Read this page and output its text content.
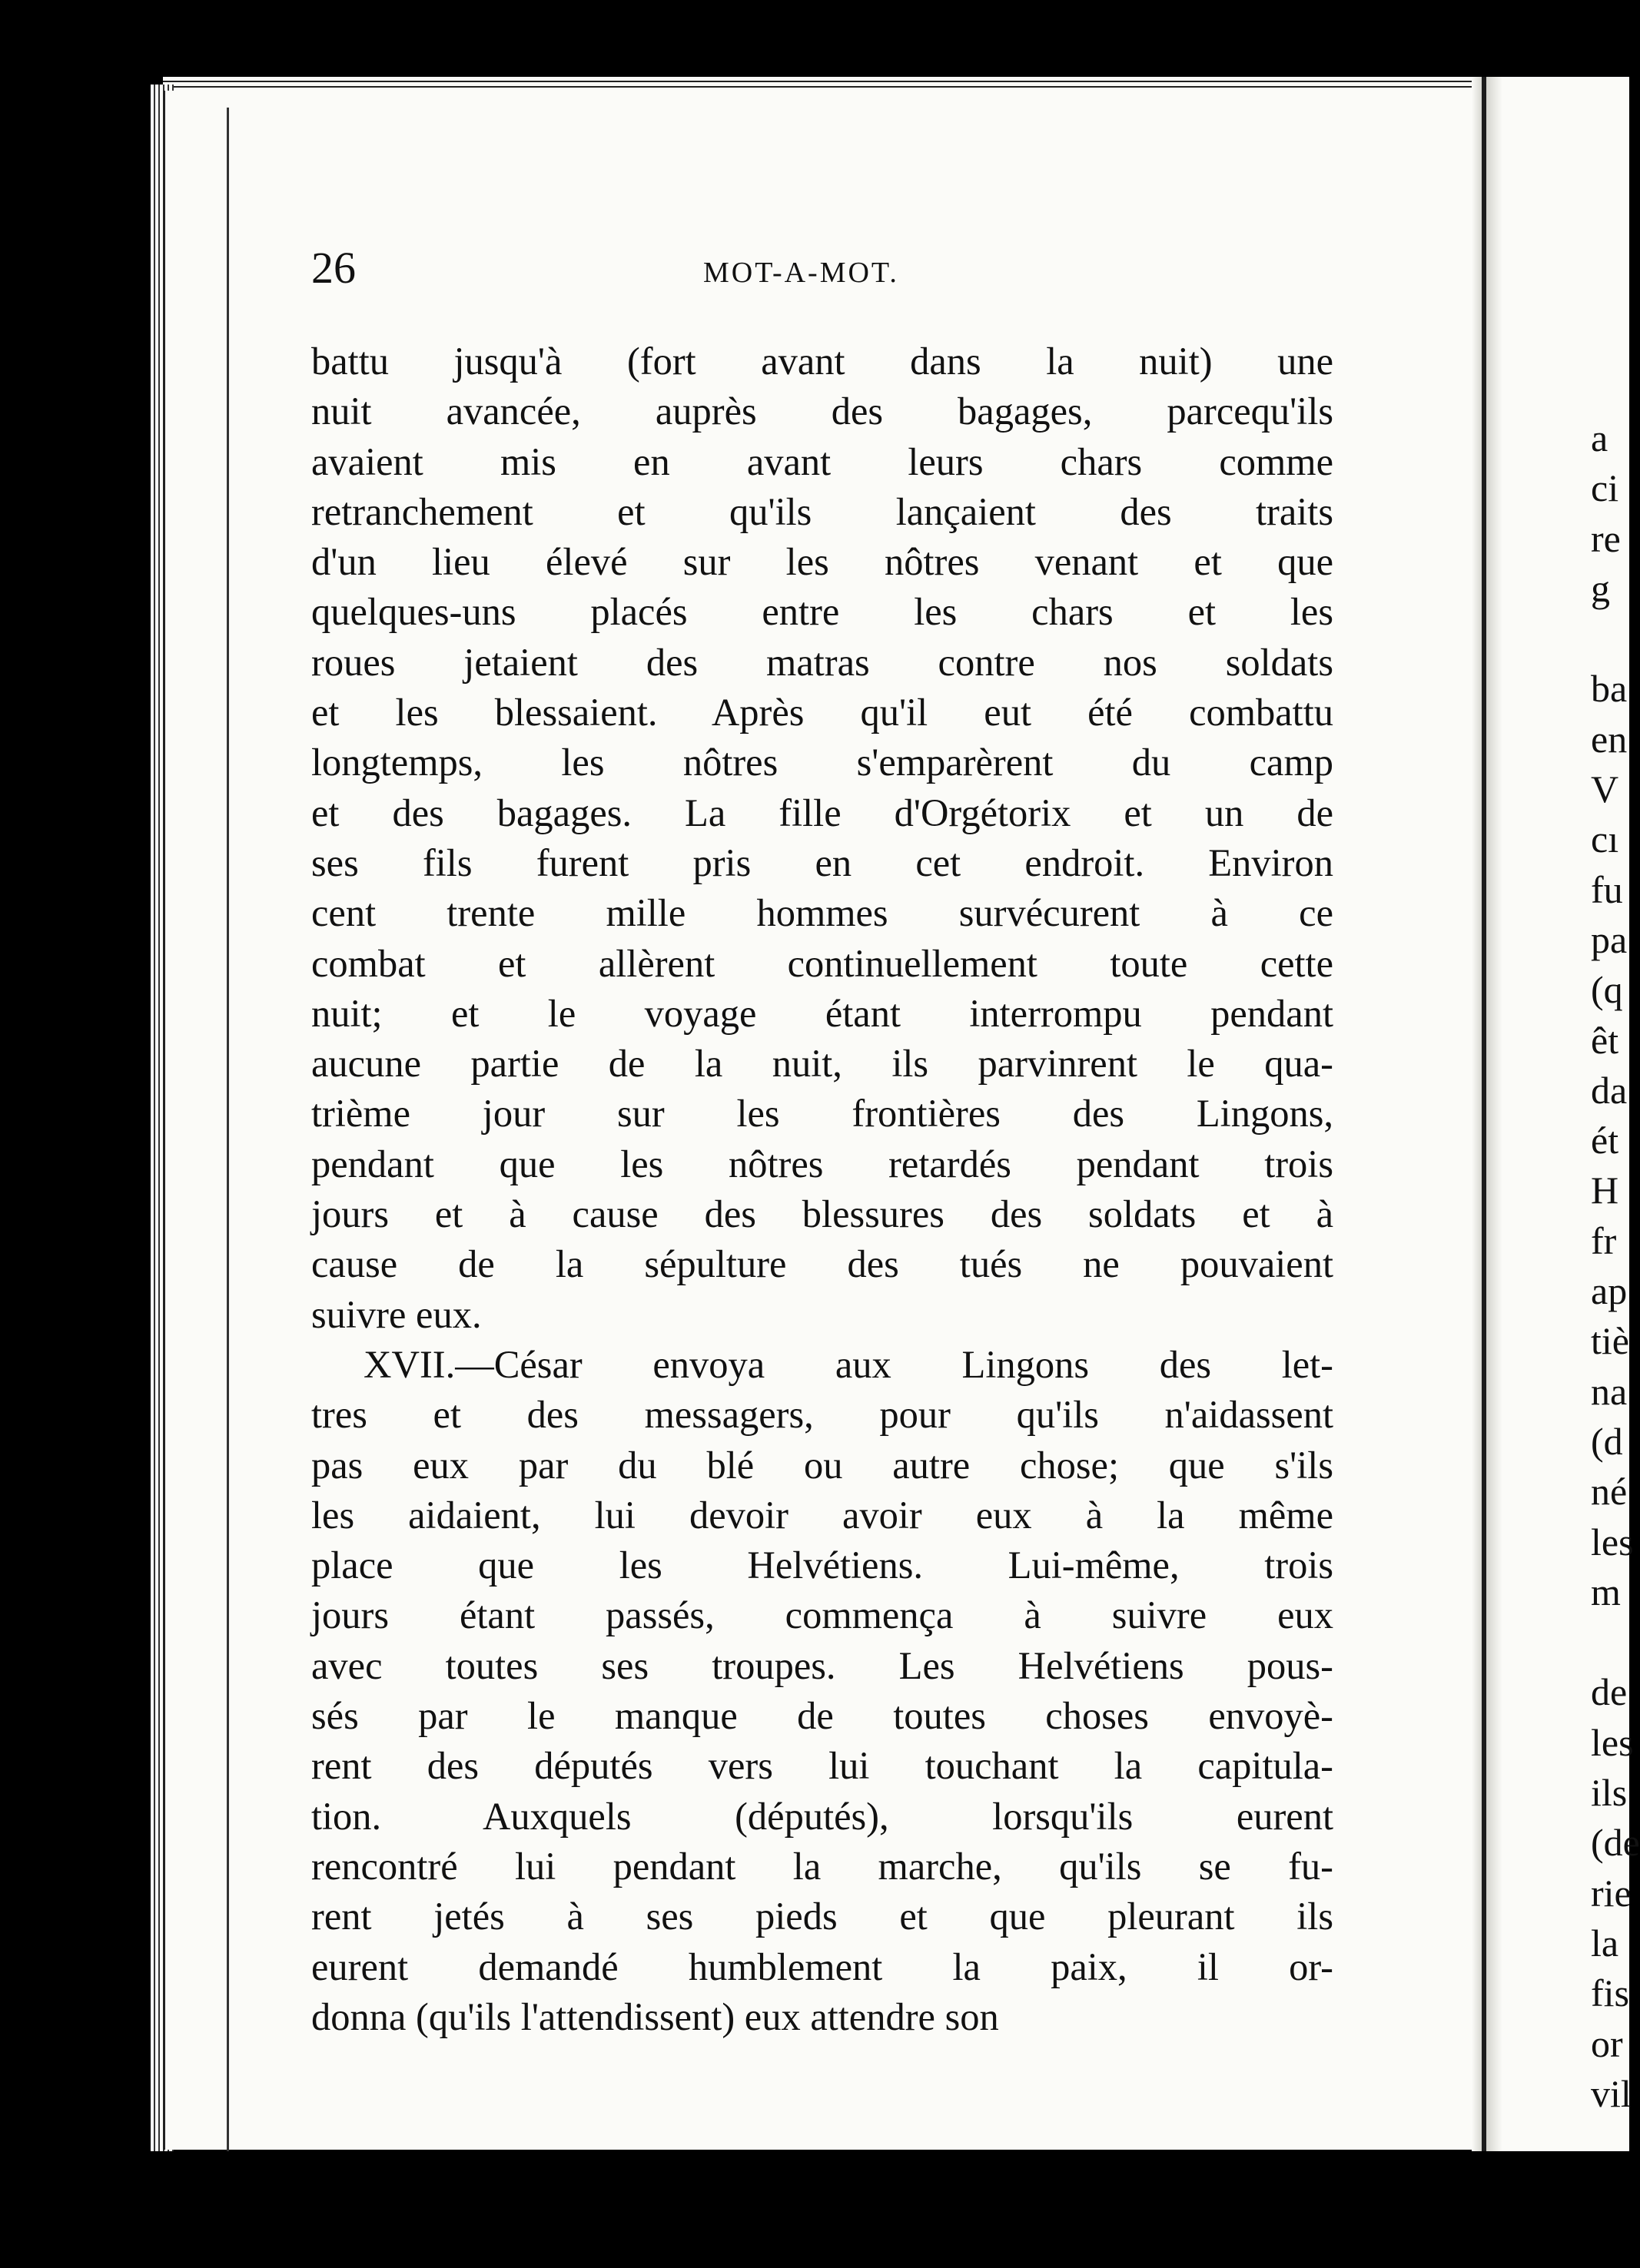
a
ci
re
g
ba
en
V
cı
fu
pa
(q
êt
da
ét
H
fr
ap
tiè
na
(d
né
les
m
de
les
ils
(de
rie
la
fis
or
vil
26	MOT-A-MOT.
battu jusqu'à (fort avant dans la nuit) une
nuit avancée, auprès des bagages, parcequ'ils
avaient mis en avant leurs chars comme
retranchement et qu'ils lançaient des traits
d'un lieu élevé sur les nôtres venant et que
quelques-uns placés entre les chars et les
roues jetaient des matras contre nos soldats
et les blessaient. Après qu'il eut été combattu
longtemps, les nôtres s'emparèrent du camp
et des bagages. La fille d'Orgétorix et un de
ses fils furent pris en cet endroit. Environ
cent trente mille hommes survécurent à ce
combat et allèrent continuellement toute cette
nuit; et le voyage étant interrompu pendant
aucune partie de la nuit, ils parvinrent le qua-
trième jour sur les frontières des Lingons,
pendant que les nôtres retardés pendant trois
jours et à cause des blessures des soldats et à
cause de la sépulture des tués ne pouvaient
suivre eux.
XVII.—César envoya aux Lingons des let-
tres et des messagers, pour qu'ils n'aidassent
pas eux par du blé ou autre chose; que s'ils
les aidaient, lui devoir avoir eux à la même
place que les Helvétiens. Lui-même, trois
jours étant passés, commença à suivre eux
avec toutes ses troupes. Les Helvétiens pous-
sés par le manque de toutes choses envoyè-
rent des députés vers lui touchant la capitula-
tion. Auxquels (députés), lorsqu'ils eurent
rencontré lui pendant la marche, qu'ils se fu-
rent jetés à ses pieds et que pleurant ils
eurent demandé humblement la paix, il or-
donna (qu'ils l'attendissent) eux attendre son
